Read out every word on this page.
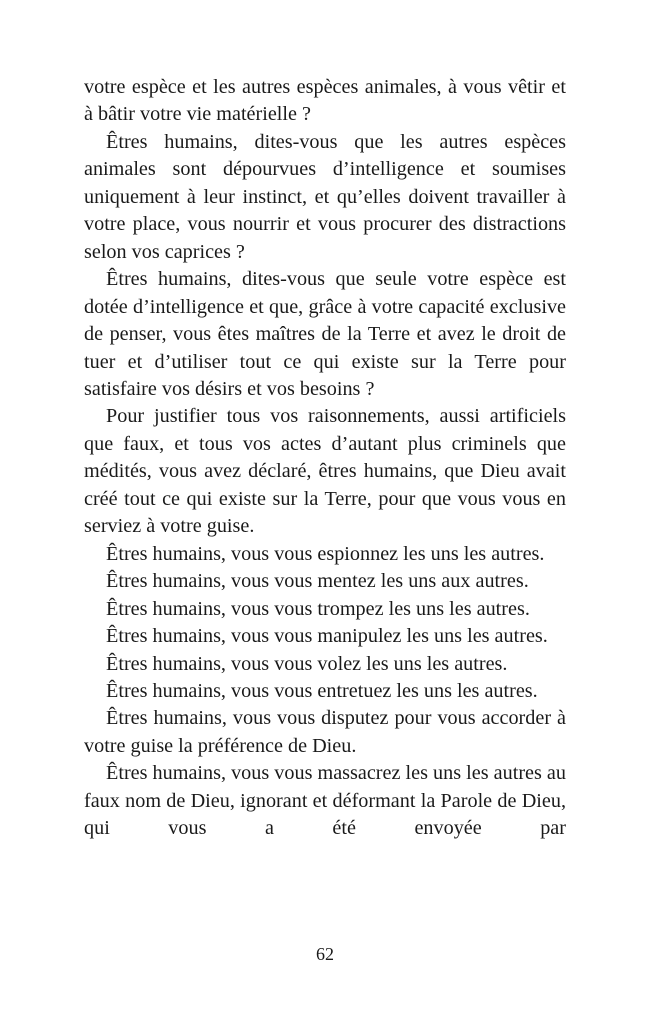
votre espèce et les autres espèces animales, à vous vêtir et à bâtir votre vie matérielle ?

Êtres humains, dites-vous que les autres espèces animales sont dépourvues d’intelligence et soumises uniquement à leur instinct, et qu’elles doivent travailler à votre place, vous nourrir et vous procurer des distractions selon vos caprices ?

Êtres humains, dites-vous que seule votre espèce est dotée d’intelligence et que, grâce à votre capacité exclusive de penser, vous êtes maîtres de la Terre et avez le droit de tuer et d’utiliser tout ce qui existe sur la Terre pour satisfaire vos désirs et vos besoins ?

Pour justifier tous vos raisonnements, aussi artificiels que faux, et tous vos actes d’autant plus criminels que médités, vous avez déclaré, êtres humains, que Dieu avait créé tout ce qui existe sur la Terre, pour que vous vous en serviez à votre guise.

Êtres humains, vous vous espionnez les uns les autres.

Êtres humains, vous vous mentez les uns aux autres.

Êtres humains, vous vous trompez les uns les autres.

Êtres humains, vous vous manipulez les uns les autres.

Êtres humains, vous vous volez les uns les autres.

Êtres humains, vous vous entretuez les uns les autres.

Êtres humains, vous vous disputez pour vous accorder à votre guise la préférence de Dieu.

Êtres humains, vous vous massacrez les uns les autres au faux nom de Dieu, ignorant et déformant la Parole de Dieu, qui vous a été envoyée par

62
